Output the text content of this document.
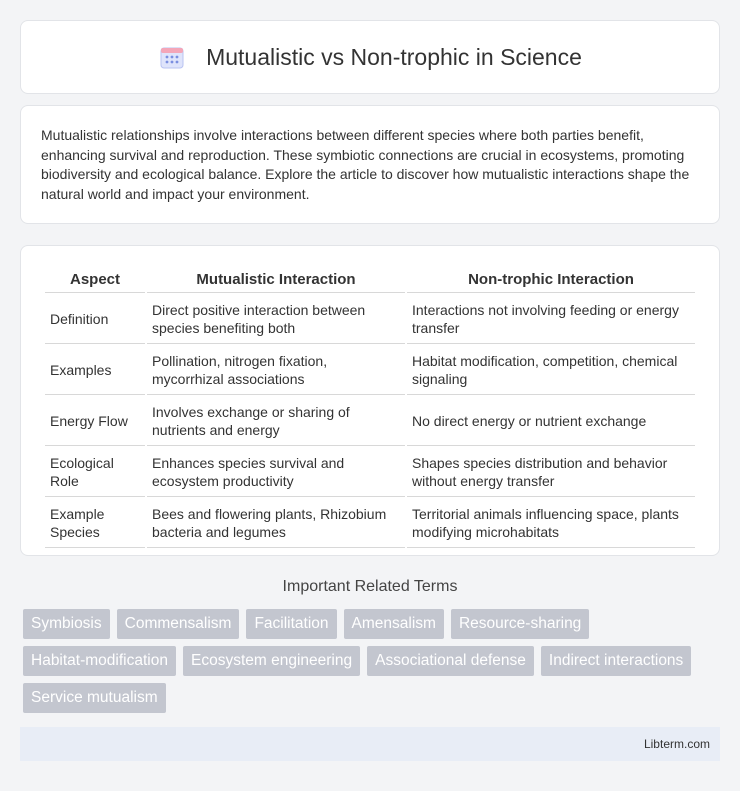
Mutualistic vs Non-trophic in Science

Mutualistic relationships involve interactions between different species where both parties benefit, enhancing survival and reproduction. These symbiotic connections are crucial in ecosystems, promoting biodiversity and ecological balance. Explore the article to discover how mutualistic interactions shape the natural world and impact your environment.

Aspect	Mutualistic Interaction	Non-trophic Interaction
Definition	Direct positive interaction between species benefiting both	Interactions not involving feeding or energy transfer
Examples	Pollination, nitrogen fixation, mycorrhizal associations	Habitat modification, competition, chemical signaling
Energy Flow	Involves exchange or sharing of nutrients and energy	No direct energy or nutrient exchange
Ecological Role	Enhances species survival and ecosystem productivity	Shapes species distribution and behavior without energy transfer
Example Species	Bees and flowering plants, Rhizobium bacteria and legumes	Territorial animals influencing space, plants modifying microhabitats
Important Related Terms
Symbiosis	Commensalism	Facilitation	Amensalism	Resource-sharing
Habitat-modification	Ecosystem engineering	Associational defense	Indirect interactions
Service mutualism
Libterm.com
